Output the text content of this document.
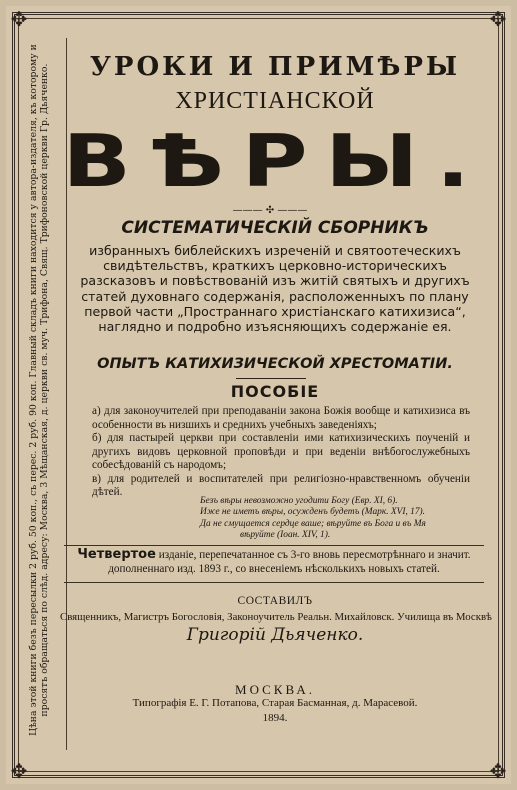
✥	✥
✥	✥
Цѣна этой книги безъ пересылки 2 руб. 50 коп., съ перес. 2 руб. 90 коп. Главный складъ книги находится у автора-издателя, къ которому и просятъ обращаться по слѣд. адресу: Москва, 3 Мѣщанская, д. церкви св. муч. Трифона, Свящ. Трифоновской церкви Гр. Дьяченко.	УРОКИ И ПРИМѢРЫ
ХРИСТІАНСКОЙ
ВѢРЫ.
——— ✣ ———
СИСТЕМАТИЧЕСКІЙ СБОРНИКЪ
избранныхъ библейскихъ изреченій и святоотеческихъ свидѣтельствъ, краткихъ церковно-историческихъ разсказовъ и повѣствованій изъ житій святыхъ и другихъ статей духовнаго содержанія, расположенныхъ по плану первой части „Пространнаго христіанскаго катихизиса“, наглядно и подробно изъясняющихъ содержаніе ея.
ОПЫТЪ КАТИХИЗИЧЕСКОЙ ХРЕСТОМАТІИ.
ПОСОБІЕ

а) для законоучителей при преподаваніи закона Божія вообще и катихизиса въ особенности въ низшихъ и среднихъ учебныхъ заведеніяхъ;

б) для пастырей церкви при составленіи ими катихизическихъ поученій и другихъ видовъ церковной проповѣди и при веденіи внѣбогослужебныхъ собесѣдованій съ народомъ;

в) для родителей и воспитателей при религіозно-нравственномъ обученіи дѣтей.

Безъ вѣры невозможно угодити Богу (Евр. XI, 6).
Иже не иметъ вѣры, осужденъ будетъ (Марк. XVI, 17).
Да не смущается сердце ваше; вѣруйте въ Бога и въ Мя
вѣруйте (Іоан. XIV, 1).
Четвертое изданіе, перепечатанное съ 3-го вновь пересмотрѣннаго и значит. дополненнаго изд. 1893 г., со внесеніемъ нѣсколькихъ новыхъ статей.
СОСТАВИЛЪ
Священникъ, Магистръ Богословія, Законоучитель Реальн. Михайловск. Училища въ Москвѣ
Григорій Дьяченко.
МОСКВА.
Типографія Е. Г. Потапова, Старая Басманная, д. Марасевой.
1894.
